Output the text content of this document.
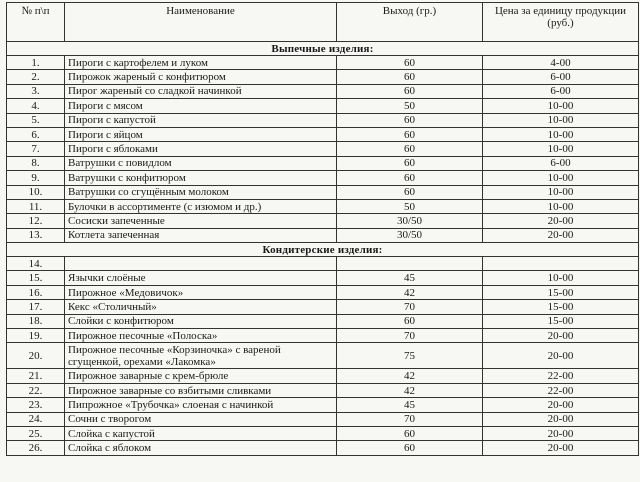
№ п\п	Наименование	Выход (гр.)	Цена за единицу продукции (руб.)
Выпечные изделия:			
1.	Пироги с картофелем и луком	60	4-00
2.	Пирожок жареный с конфитюром	60	6-00
3.	Пирог жареный со сладкой начинкой	60	6-00
4.	Пироги с мясом	50	10-00
5.	Пироги с капустой	60	10-00
6.	Пироги с яйцом	60	10-00
7.	Пироги с яблоками	60	10-00
8.	Ватрушки с повидлом	60	6-00
9.	Ватрушки с конфитюром	60	10-00
10.	Ватрушки со сгущённым молоком	60	10-00
11.	Булочки в ассортименте (с изюмом и др.)	50	10-00
12.	Сосиски запеченные	30/50	20-00
13.	Котлета запеченная	30/50	20-00
Кондитерские изделия:			
14.			
15.	Язычки слоёные	45	10-00
16.	Пирожное «Медовичок»	42	15-00
17.	Кекс «Столичный»	70	15-00
18.	Слойки с конфитюром	60	15-00
19.	Пирожное песочные «Полоска»	70	20-00
20.	Пирожное песочные «Корзиночка» с вареной сгущенкой, орехами «Лакомка»	75	20-00
21.	Пирожное заварные с крем-брюле	42	22-00
22.	Пирожное заварные со взбитыми сливками	42	22-00
23.	Пипрожное «Трубочка» слоеная с начинкой	45	20-00
24.	Сочни с творогом	70	20-00
25.	Слойка с капустой	60	20-00
26.	Слойка с яблоком	60	20-00
